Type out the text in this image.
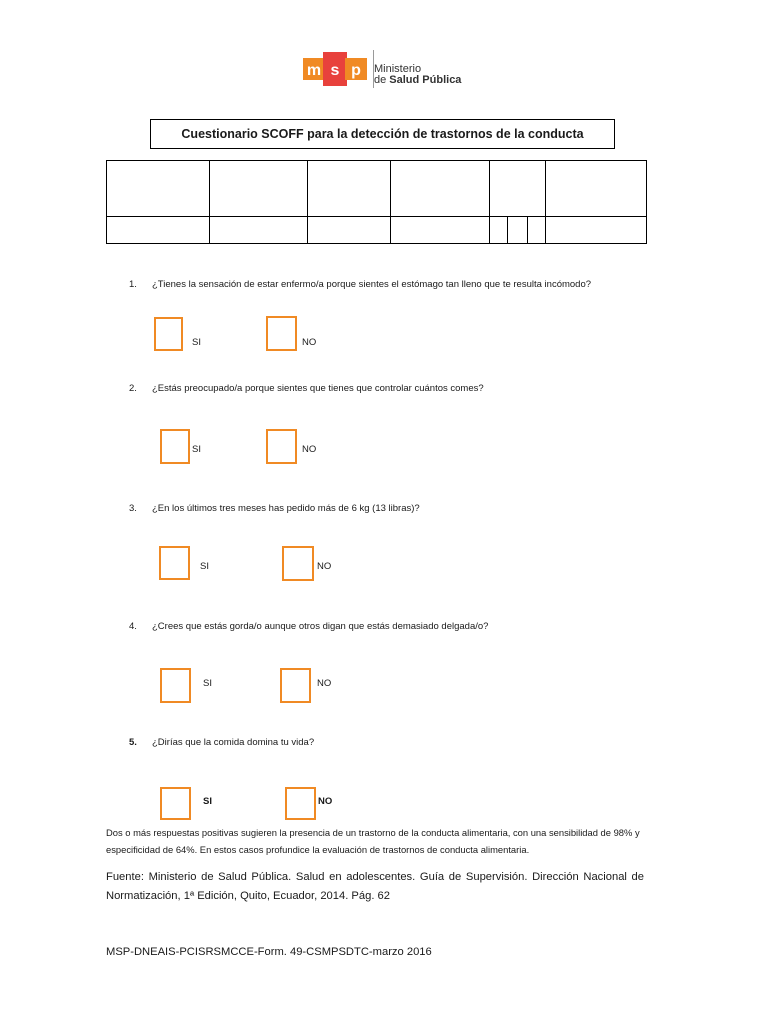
m s p Ministerio
de Salud Pública
Cuestionario SCOFF para la detección de trastornos de la conducta

1. ¿Tienes la sensación de estar enfermo/a porque sientes el estómago tan lleno que te resulta incómodo?
SI	NO
2. ¿Estás preocupado/a porque sientes que tienes que controlar cuántos comes?
SI	NO
3. ¿En los últimos tres meses has pedido más de 6 kg (13 libras)?
SI	NO
4. ¿Crees que estás gorda/o aunque otros digan que estás demasiado delgada/o?
SI	NO
5. ¿Dirías que la comida domina tu vida?
SI	NO
Dos o más respuestas positivas sugieren la presencia de un trastorno de la conducta alimentaria, con una sensibilidad de 98% y especificidad de 64%. En estos casos profundice la evaluación de trastornos de conducta alimentaria.
Fuente: Ministerio de Salud Pública. Salud en adolescentes. Guía de Supervisión. Dirección Nacional de Normatización, 1ª Edición, Quito, Ecuador, 2014. Pág. 62
MSP-DNEAIS-PCISRSMCCE-Form. 49-CSMPSDTC-marzo 2016
